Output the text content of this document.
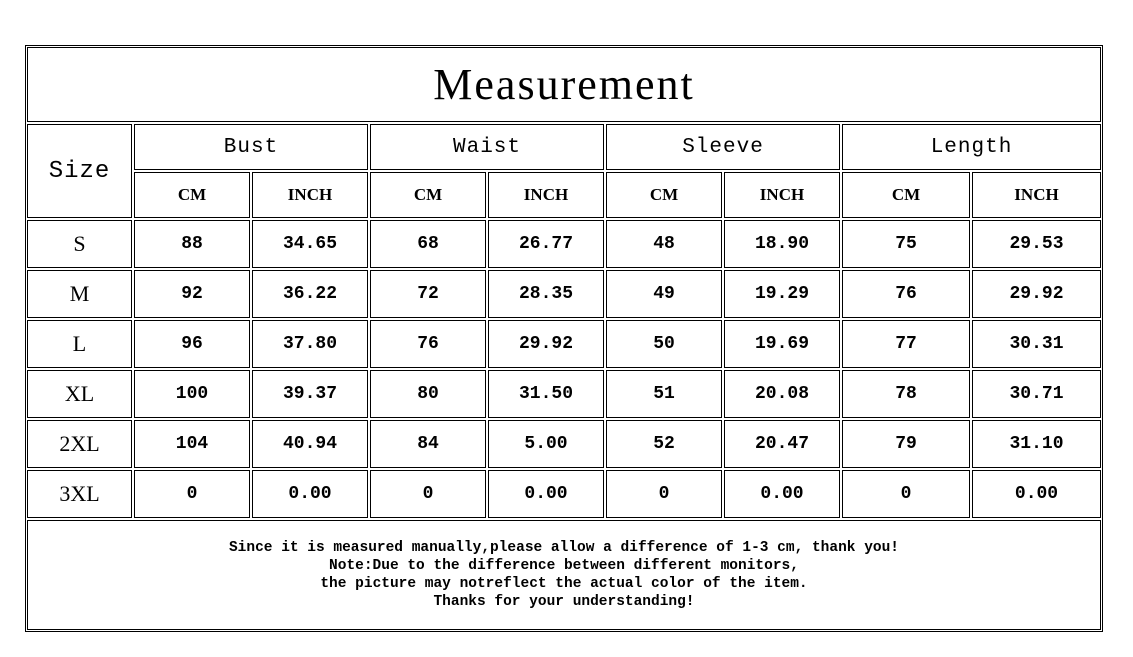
Measurement
Size	Bust		Waist		Sleeve		Length	
	CM	INCH	CM	INCH	CM	INCH	CM	INCH
S	88	34.65	68	26.77	48	18.90	75	29.53
M	92	36.22	72	28.35	49	19.29	76	29.92
L	96	37.80	76	29.92	50	19.69	77	30.31
XL	100	39.37	80	31.50	51	20.08	78	30.71
2XL	104	40.94	84	5.00	52	20.47	79	31.10
3XL	0	0.00	0	0.00	0	0.00	0	0.00
Since it is measured manually,please allow a difference of 1-3 cm, thank you!
Note:Due to the difference between different monitors,
the picture may notreflect the actual color of the item.
Thanks for your understanding!
